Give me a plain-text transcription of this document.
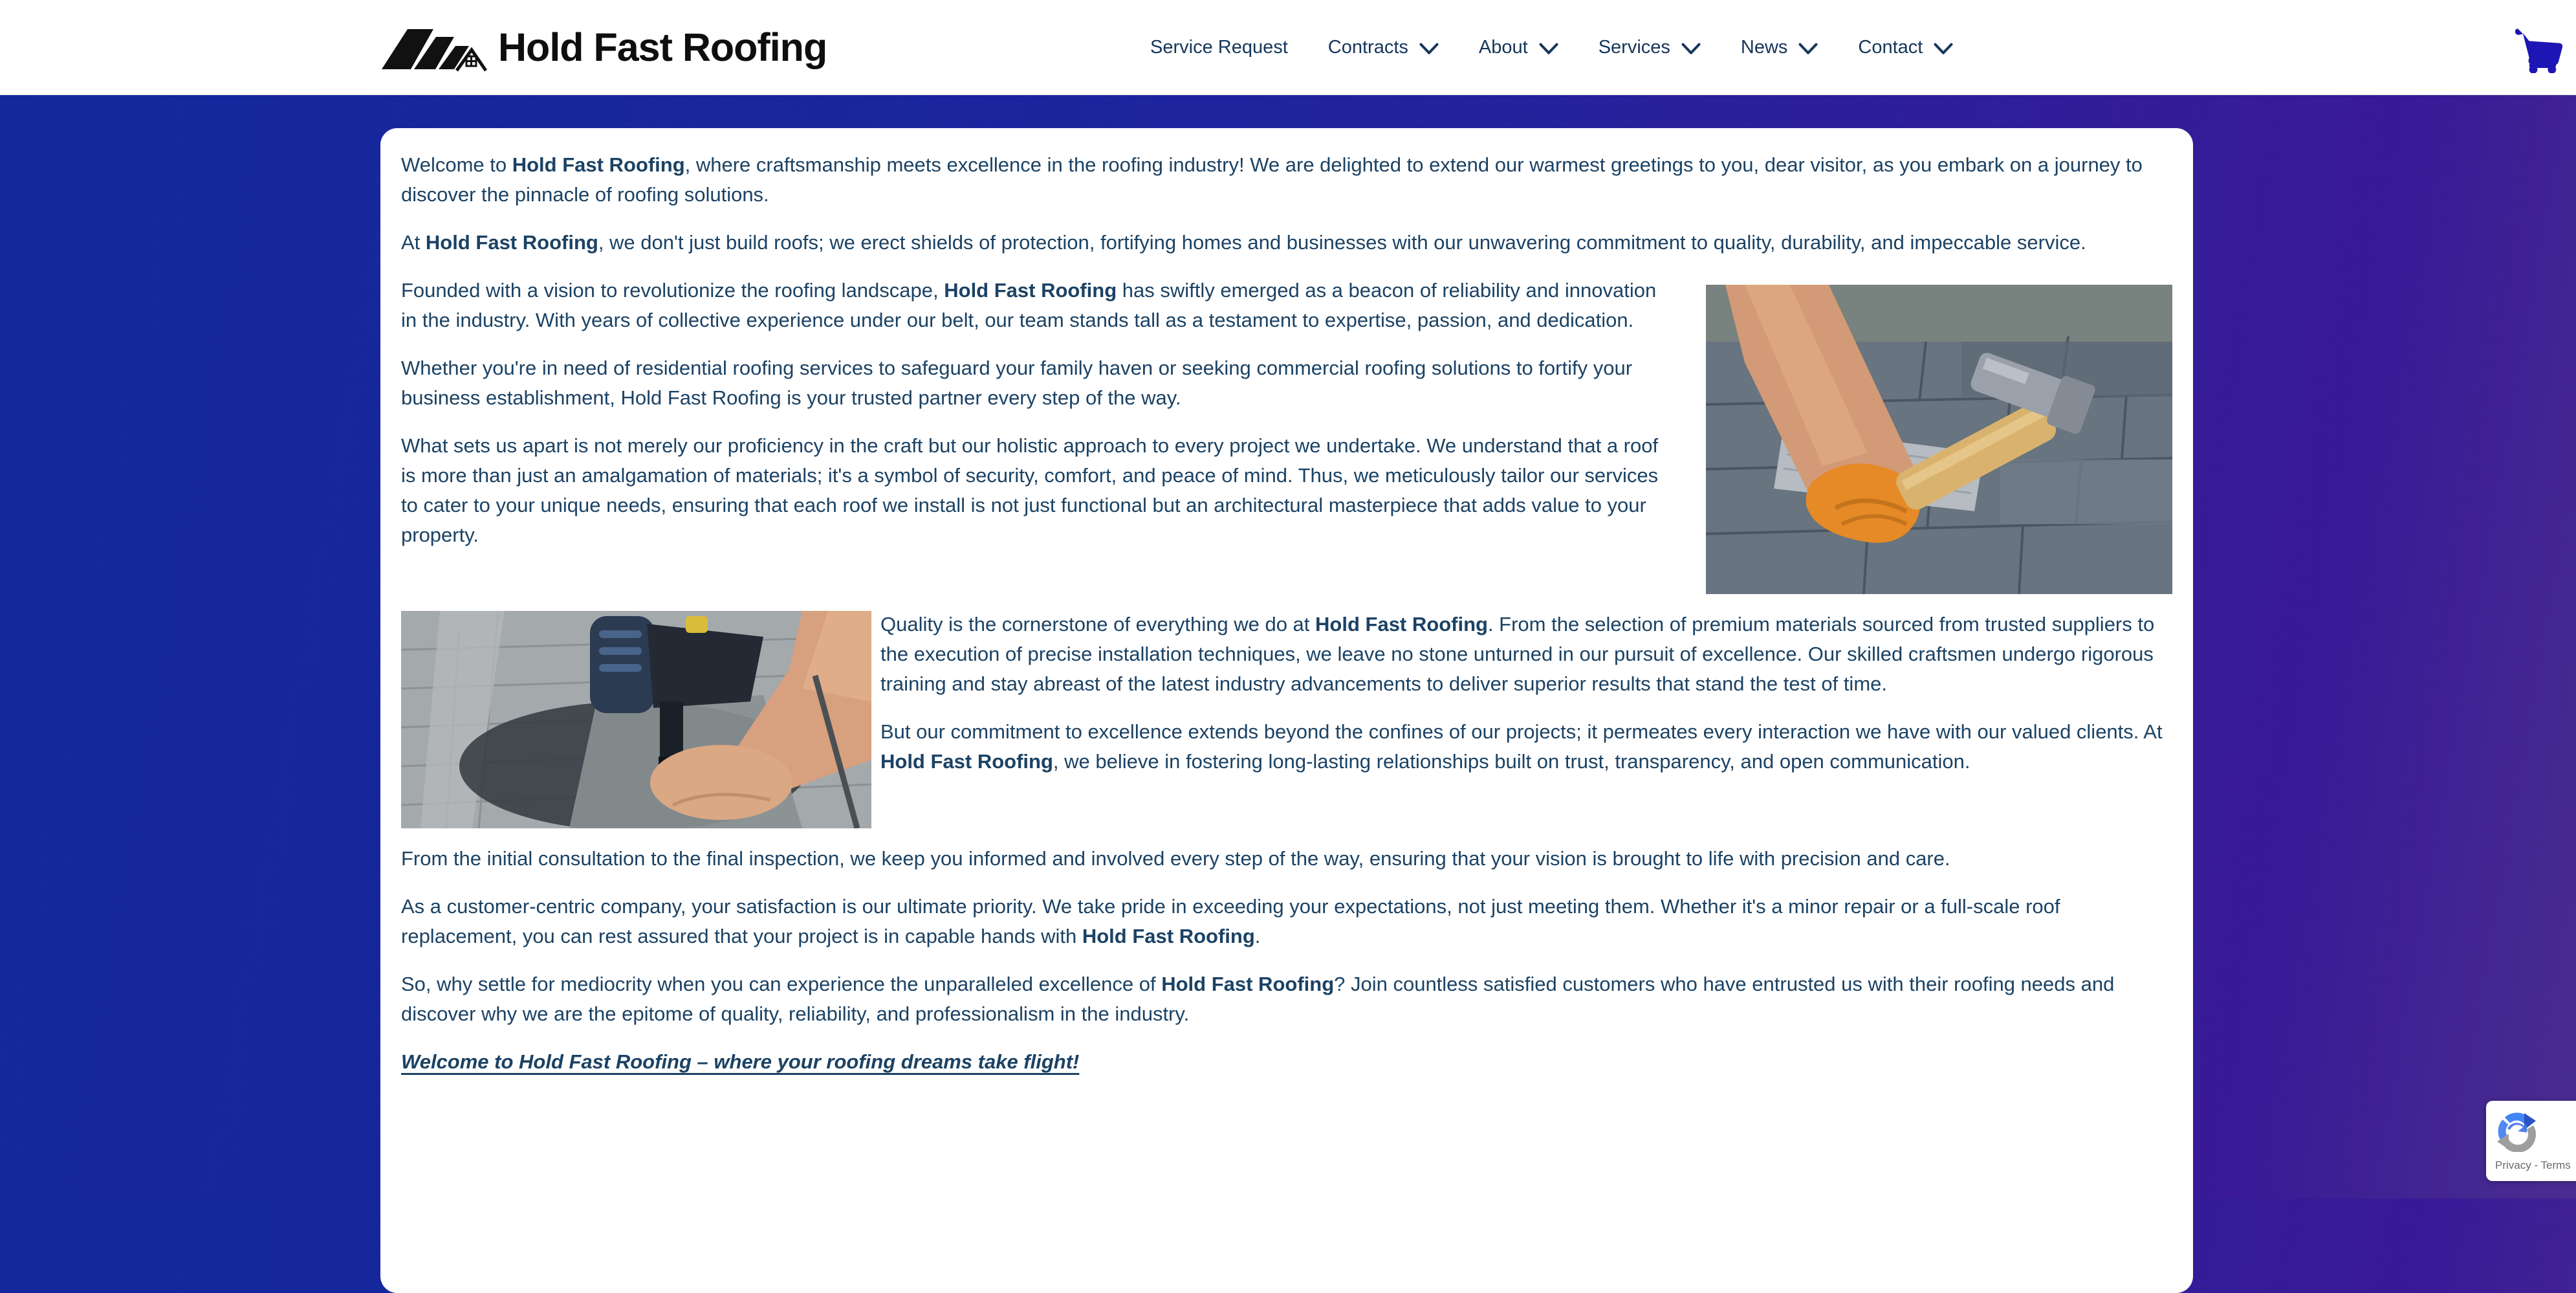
Hold Fast Roofing	Service Request Contracts	About	Services	News	Contact

Welcome to Hold Fast Roofing, where craftsmanship meets excellence in the roofing industry! We are delighted to extend our warmest greetings to you, dear visitor, as you embark on a journey to discover the pinnacle of roofing solutions.

At Hold Fast Roofing, we don't just build roofs; we erect shields of protection, fortifying homes and businesses with our unwavering commitment to quality, durability, and impeccable service.

Founded with a vision to revolutionize the roofing landscape, Hold Fast Roofing has swiftly emerged as a beacon of reliability and innovation in the industry. With years of collective experience under our belt, our team stands tall as a testament to expertise, passion, and dedication.

Whether you're in need of residential roofing services to safeguard your family haven or seeking commercial roofing solutions to fortify your business establishment, Hold Fast Roofing is your trusted partner every step of the way.

What sets us apart is not merely our proficiency in the craft but our holistic approach to every project we undertake. We understand that a roof is more than just an amalgamation of materials; it's a symbol of security, comfort, and peace of mind. Thus, we meticulously tailor our services to cater to your unique needs, ensuring that each roof we install is not just functional but an architectural masterpiece that adds value to your property.

Quality is the cornerstone of everything we do at Hold Fast Roofing. From the selection of premium materials sourced from trusted suppliers to the execution of precise installation techniques, we leave no stone unturned in our pursuit of excellence. Our skilled craftsmen undergo rigorous training and stay abreast of the latest industry advancements to deliver superior results that stand the test of time.

But our commitment to excellence extends beyond the confines of our projects; it permeates every interaction we have with our valued clients. At Hold Fast Roofing, we believe in fostering long-lasting relationships built on trust, transparency, and open communication.

From the initial consultation to the final inspection, we keep you informed and involved every step of the way, ensuring that your vision is brought to life with precision and care.

As a customer-centric company, your satisfaction is our ultimate priority. We take pride in exceeding your expectations, not just meeting them. Whether it's a minor repair or a full-scale roof replacement, you can rest assured that your project is in capable hands with Hold Fast Roofing.

So, why settle for mediocrity when you can experience the unparalleled excellence of Hold Fast Roofing? Join countless satisfied customers who have entrusted us with their roofing needs and discover why we are the epitome of quality, reliability, and professionalism in the industry.

Welcome to Hold Fast Roofing – where your roofing dreams take flight!

Privacy - Terms
